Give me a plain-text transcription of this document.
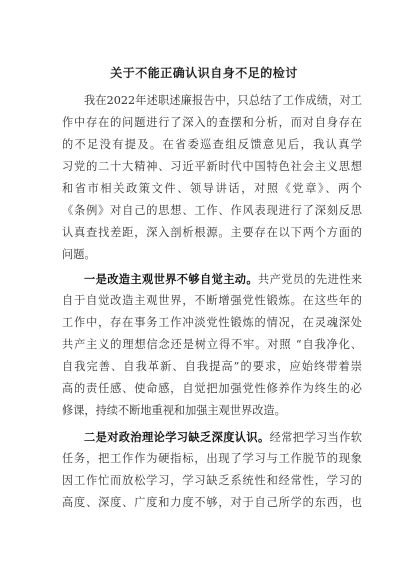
关于不能正确认识自身不足的检讨
我在2022年述职述廉报告中，只总结了工作成绩，对工
作中存在的问题进行了深入的查摆和分析，而对自身存在
的不足没有提及。在省委巡查组反馈意见后，我认真学
习党的二十大精神、习近平新时代中国特色社会主义思想
和省市相关政策文件、领导讲话，对照《党章》、两个
《条例》对自己的思想、工作、作风表现进行了深刻反思
认真查找差距，深入剖析根源。主要存在以下两个方面的
问题。
一是改造主观世界不够自觉主动。共产党员的先进性来
自于自觉改造主观世界，不断增强党性锻炼。在这些年的
工作中，存在事务工作冲淡党性锻炼的情况，在灵魂深处
共产主义的理想信念还是树立得不牢。对照 “自我净化、
自我完善、自我革新、自我提高”的要求，应始终带着崇
高的责任感、使命感，自觉把加强党性修养作为终生的必
修课，持续不断地重视和加强主观世界改造。
二是对政治理论学习缺乏深度认识。经常把学习当作软
任务，把工作作为硬指标，出现了学习与工作脱节的现象
因工作忙而放松学习，学习缺乏系统性和经常性，学习的
高度、深度、广度和力度不够，对于自己所学的东西，也
